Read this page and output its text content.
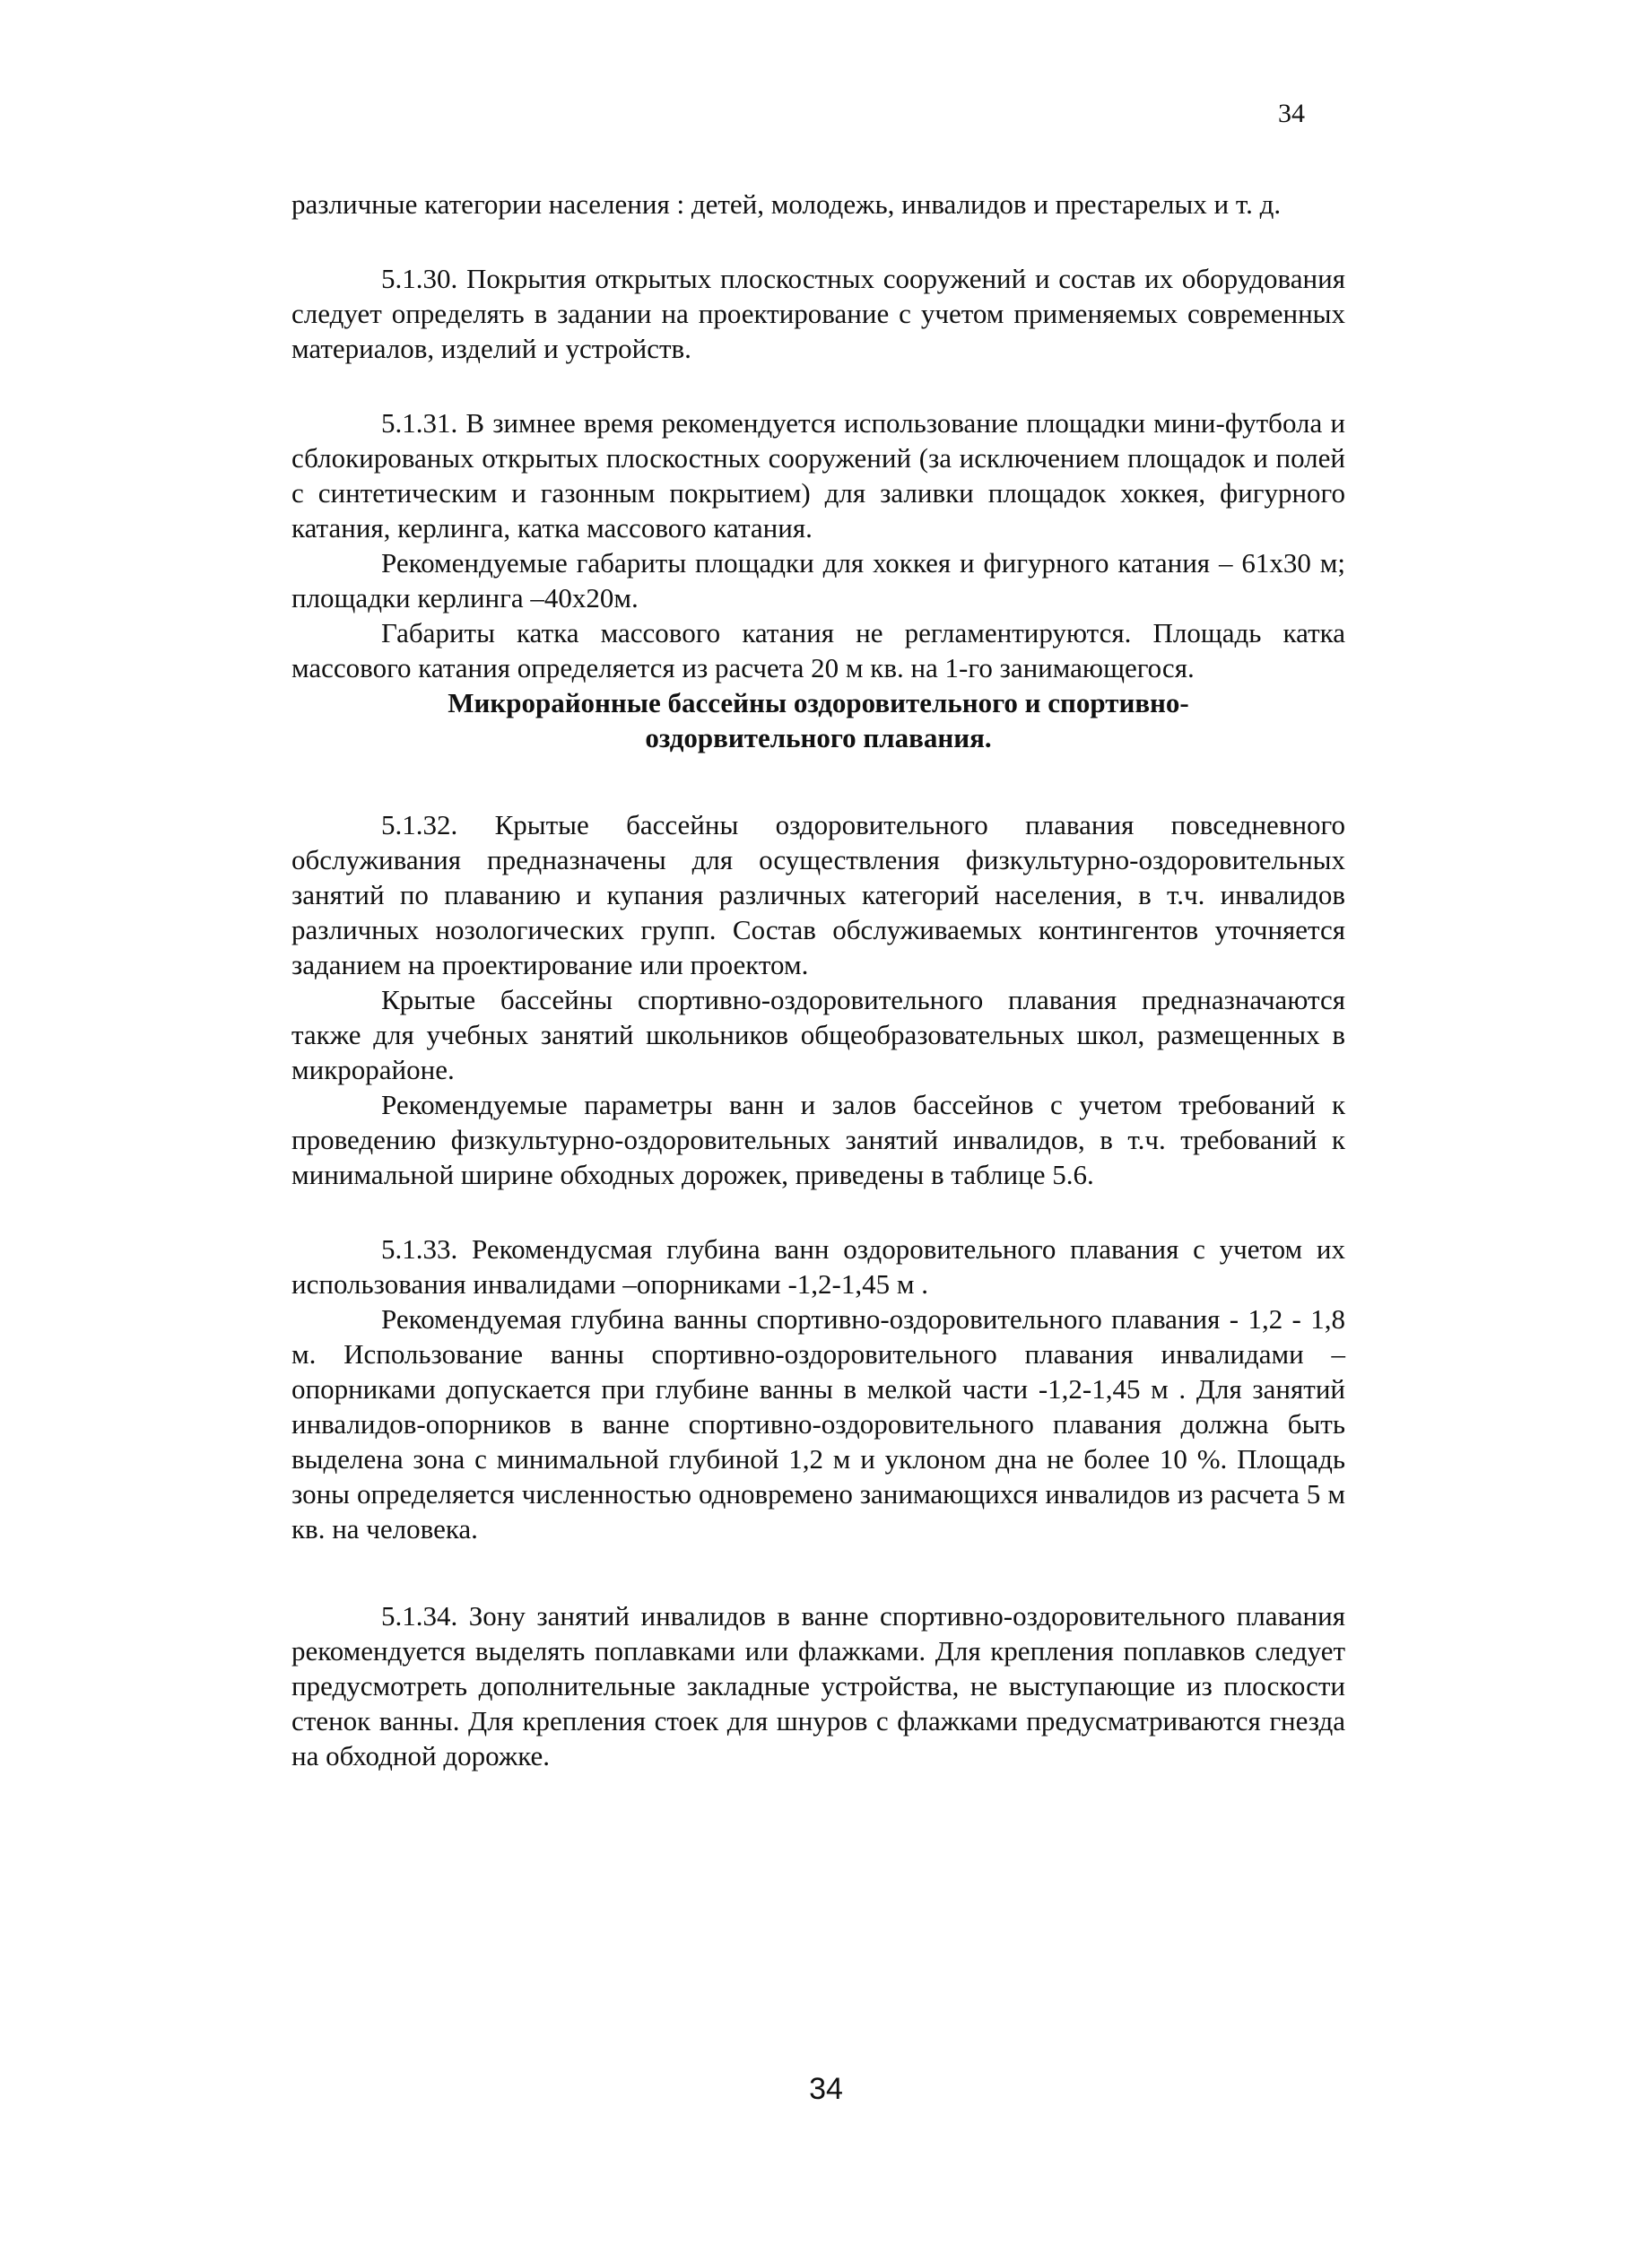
34

различные категории населения : детей, молодежь, инвалидов и престарелых и т. д.

5.1.30. Покрытия открытых плоскостных сооружений и состав их оборудования следует определять в задании на проектирование с учетом применяемых современных материалов, изделий и устройств.

5.1.31. В зимнее время рекомендуется использование площадки мини-футбола и сблокированых открытых плоскостных сооружений (за исключением площадок и полей с синтетическим и газонным покрытием) для заливки площадок хоккея, фигурного катания, керлинга, катка массового катания.

Рекомендуемые габариты площадки для хоккея и фигурного катания – 61х30 м; площадки керлинга –40х20м.

Габариты катка массового катания не регламентируются. Площадь катка массового катания определяется из расчета 20 м кв. на 1-го занимающегося.

Микрорайонные бассейны оздоровительного и спортивно-оздорвительного плавания.

5.1.32. Крытые бассейны оздоровительного плавания повседневного обслуживания предназначены для осуществления физкультурно-оздоровительных занятий по плаванию и купания различных категорий населения, в т.ч. инвалидов различных нозологических групп. Состав обслуживаемых контингентов уточняется заданием на проектирование или проектом.

Крытые бассейны спортивно-оздоровительного плавания предназначаются также для учебных занятий школьников общеобразовательных школ, размещенных в микрорайоне.

Рекомендуемые параметры ванн и залов бассейнов с учетом требований к проведению физкультурно-оздоровительных занятий инвалидов, в т.ч. требований к минимальной ширине обходных дорожек, приведены в таблице 5.6.

5.1.33. Рекомендусмая глубина ванн оздоровительного плавания с учетом их использования инвалидами –опорниками -1,2-1,45 м .

Рекомендуемая глубина ванны спортивно-оздоровительного плавания - 1,2 - 1,8 м. Использование ванны спортивно-оздоровительного плавания инвалидами –опорниками допускается при глубине ванны в мелкой части -1,2-1,45 м . Для занятий инвалидов-опорников в ванне спортивно-оздоровительного плавания должна быть выделена зона с минимальной глубиной 1,2 м и уклоном дна не более 10 %. Площадь зоны определяется численностью одновремено занимающихся инвалидов из расчета 5 м кв. на человека.

5.1.34. Зону занятий инвалидов в ванне спортивно-оздоровительного плавания рекомендуется выделять поплавками или флажками. Для крепления поплавков следует предусмотреть дополнительные закладные устройства, не выступающие из плоскости стенок ванны. Для крепления стоек для шнуров с флажками предусматриваются гнезда на обходной дорожке.

34
